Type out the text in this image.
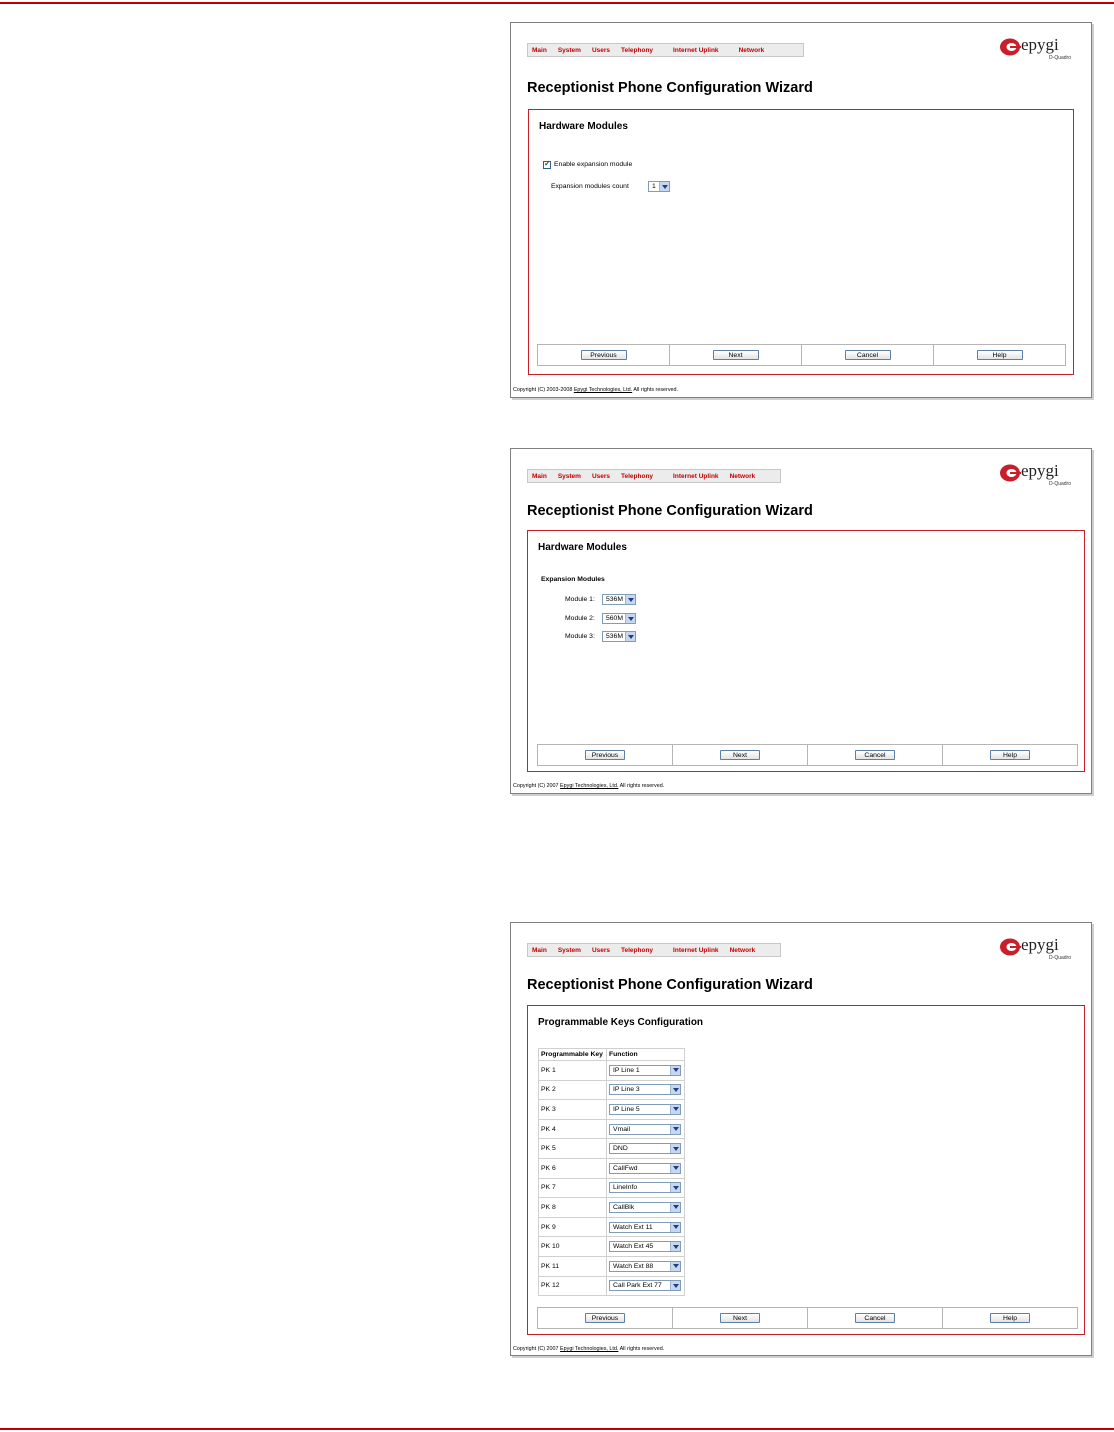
Main System Users Telephony	Internet Uplink	Network	epygi
D-Quadro
Receptionist Phone Configuration Wizard
Hardware Modules
✓ Enable expansion module
Expansion modules count	1
Previous	Next	Cancel	Help
Copyright (C) 2003-2008 Epygi Technologies, Ltd. All rights reserved.
Main System Users Telephony	Internet Uplink Network	epygi
D-Quadro
Receptionist Phone Configuration Wizard
Hardware Modules
Expansion Modules
Module 1:	536M
Module 2:	560M
Module 3:	536M
Previous	Next	Cancel	Help
Copyright (C) 2007 Epygi Technologies, Ltd. All rights reserved.
Main System Users Telephony	Internet Uplink Network	epygi
D-Quadro
Receptionist Phone Configuration Wizard
Programmable Keys Configuration
Programmable Key	Function
PK 1	IP Line 1

PK 2	IP Line 3

PK 3	IP Line 5

PK 4	Vmail

PK 5	DND

PK 6	CallFwd

PK 7	LineInfo

PK 8	CallBlk

PK 9	Watch Ext 11

PK 10	Watch Ext 45

PK 11	Watch Ext 88

PK 12	Call Park Ext 77
Previous	Next	Cancel	Help
Copyright (C) 2007 Epygi Technologies, Ltd. All rights reserved.
